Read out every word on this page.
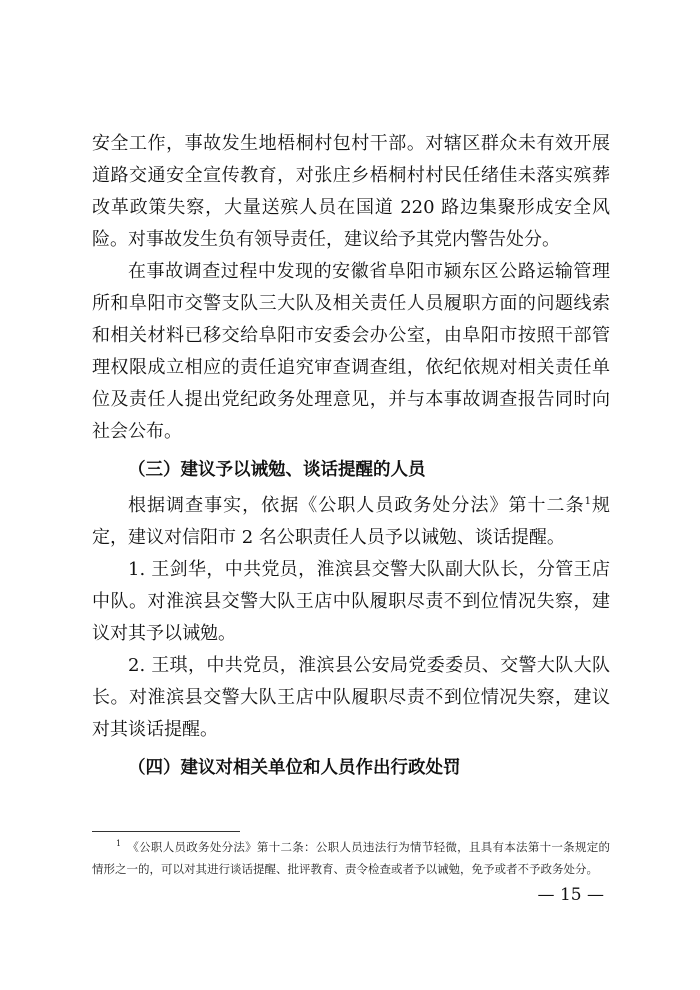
安全工作，事故发生地梧桐村包村干部。对辖区群众未有效开展道路交通安全宣传教育，对张庄乡梧桐村村民任绪佳未落实殡葬改革政策失察，大量送殡人员在国道 220 路边集聚形成安全风险。对事故发生负有领导责任，建议给予其党内警告处分。

在事故调查过程中发现的安徽省阜阳市颍东区公路运输管理所和阜阳市交警支队三大队及相关责任人员履职方面的问题线索和相关材料已移交给阜阳市安委会办公室，由阜阳市按照干部管理权限成立相应的责任追究审查调查组，依纪依规对相关责任单位及责任人提出党纪政务处理意见，并与本事故调查报告同时向社会公布。

（三）建议予以诫勉、谈话提醒的人员

根据调查事实，依据《公职人员政务处分法》第十二条$^1$规定，建议对信阳市 2 名公职责任人员予以诫勉、谈话提醒。

1. 王剑华，中共党员，淮滨县交警大队副大队长，分管王店中队。对淮滨县交警大队王店中队履职尽责不到位情况失察，建议对其予以诫勉。

2. 王琪，中共党员，淮滨县公安局党委委员、交警大队大队长。对淮滨县交警大队王店中队履职尽责不到位情况失察，建议对其谈话提醒。

（四）建议对相关单位和人员作出行政处罚

$^1$ 《公职人员政务处分法》第十二条：公职人员违法行为情节轻微，且具有本法第十一条规定的情形之一的，可以对其进行谈话提醒、批评教育、责令检查或者予以诫勉，免予或者不予政务处分。

— 15 —
